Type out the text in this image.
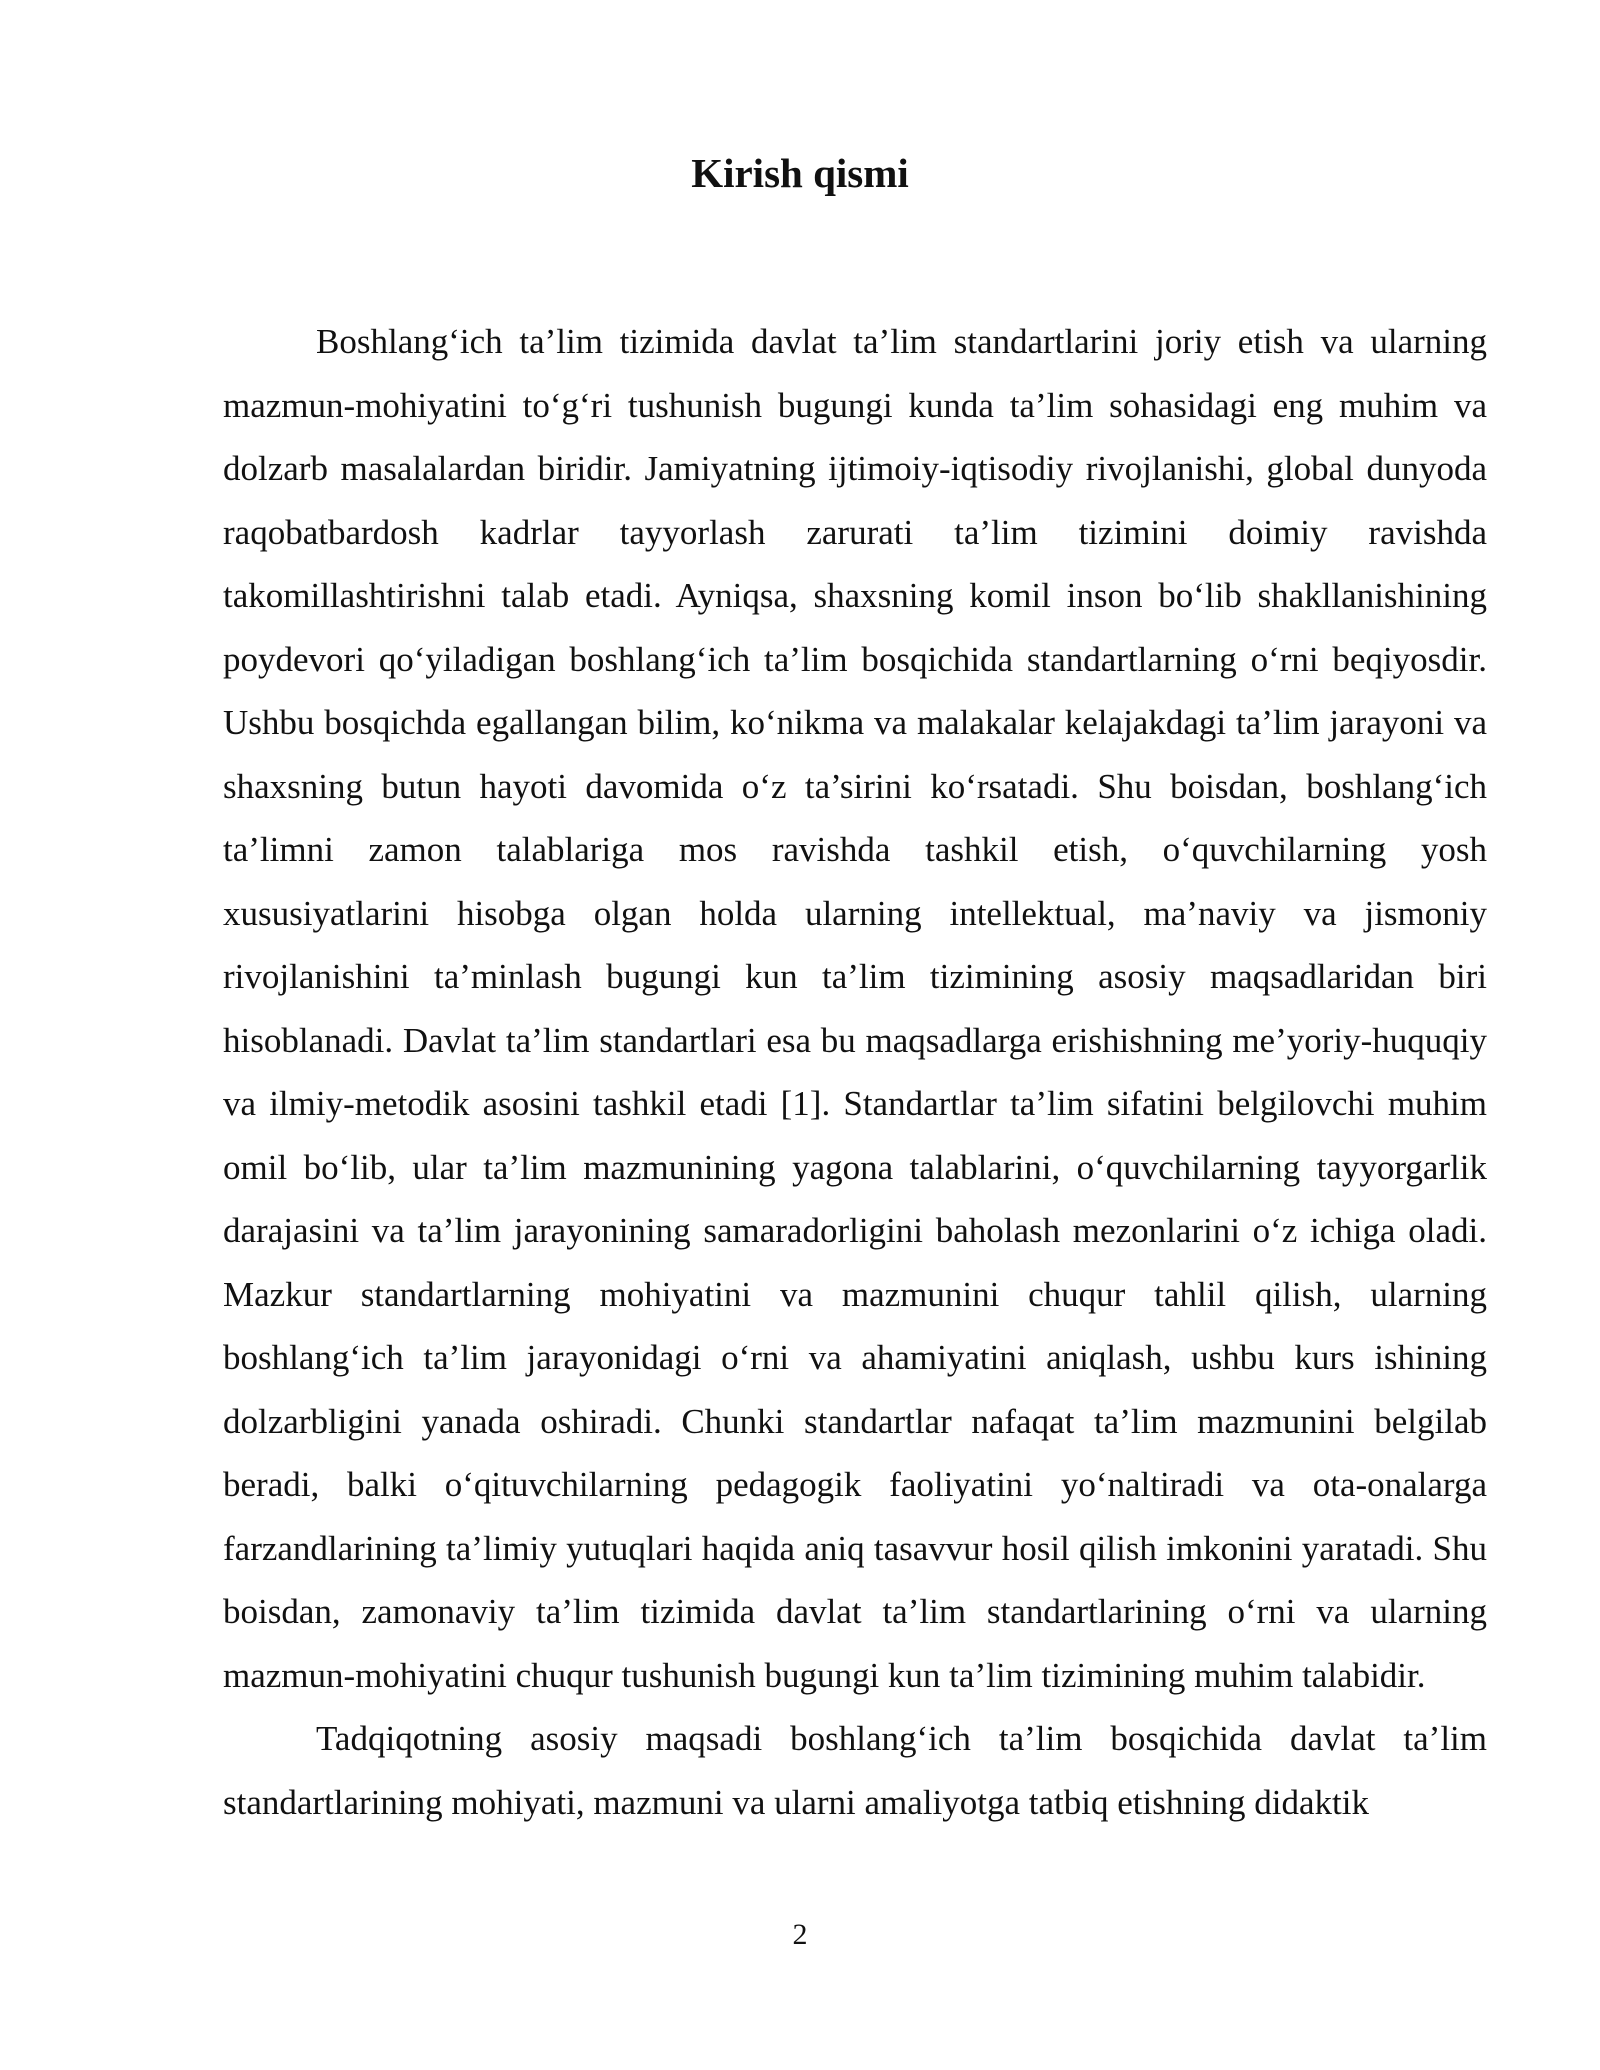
Kirish qismi

Boshlang‘ich ta’lim tizimida davlat ta’lim standartlarini joriy etish va ularning mazmun-mohiyatini to‘g‘ri tushunish bugungi kunda ta’lim sohasidagi eng muhim va dolzarb masalalardan biridir. Jamiyatning ijtimoiy-iqtisodiy rivojlanishi, global dunyoda raqobatbardosh kadrlar tayyorlash zarurati ta’lim tizimini doimiy ravishda takomillashtirishni talab etadi. Ayniqsa, shaxsning komil inson bo‘lib shakllanishining poydevori qo‘yiladigan boshlang‘ich ta’lim bosqichida standartlarning o‘rni beqiyosdir. Ushbu bosqichda egallangan bilim, ko‘nikma va malakalar kelajakdagi ta’lim jarayoni va shaxsning butun hayoti davomida o‘z ta’sirini ko‘rsatadi. Shu boisdan, boshlang‘ich ta’limni zamon talablariga mos ravishda tashkil etish, o‘quvchilarning yosh xususiyatlarini hisobga olgan holda ularning intellektual, ma’naviy va jismoniy rivojlanishini ta’minlash bugungi kun ta’lim tizimining asosiy maqsadlaridan biri hisoblanadi. Davlat ta’lim standartlari esa bu maqsadlarga erishishning me’yoriy-huquqiy va ilmiy-metodik asosini tashkil etadi [1]. Standartlar ta’lim sifatini belgilovchi muhim omil bo‘lib, ular ta’lim mazmunining yagona talablarini, o‘quvchilarning tayyorgarlik darajasini va ta’lim jarayonining samaradorligini baholash mezonlarini o‘z ichiga oladi. Mazkur standartlarning mohiyatini va mazmunini chuqur tahlil qilish, ularning boshlang‘ich ta’lim jarayonidagi o‘rni va ahamiyatini aniqlash, ushbu kurs ishining dolzarbligini yanada oshiradi. Chunki standartlar nafaqat ta’lim mazmunini belgilab beradi, balki o‘qituvchilarning pedagogik faoliyatini yo‘naltiradi va ota-onalarga farzandlarining ta’limiy yutuqlari haqida aniq tasavvur hosil qilish imkonini yaratadi. Shu boisdan, zamonaviy ta’lim tizimida davlat ta’lim standartlarining o‘rni va ularning mazmun-mohiyatini chuqur tushunish bugungi kun ta’lim tizimining muhim talabidir.

Tadqiqotning asosiy maqsadi boshlang‘ich ta’lim bosqichida davlat ta’lim standartlarining mohiyati, mazmuni va ularni amaliyotga tatbiq etishning didaktik

2
